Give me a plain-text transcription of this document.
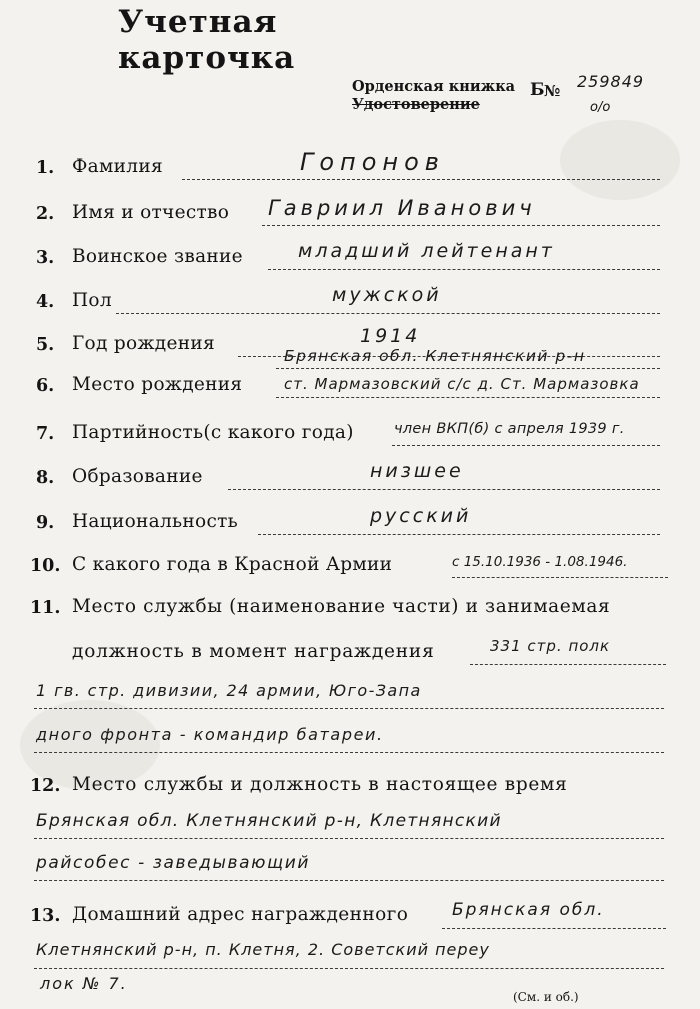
Учетная карточка
Орденская книжка
Удостоверение
Б № 259849
о/о
1. Фамилия	Гопонов
2. Имя и отчество Гавриил Иванович
3. Воинское звание	младший лейтенант
4. Пол	мужской
5. Год рождения	1914
6. Место рождения
Брянская обл. Клетнянский р-н
ст. Мармазовский с/с д. Ст. Мармазовка
7. Партийность(с какого года)	член ВКП(б) с апреля 1939 г.
8. Образование	низшее
9. Национальность	русский
10. С какого года в Красной Армии	с 15.10.1936 - 1.08.1946.
11. Место службы (наименование части) и занимаемая
должность в момент награждения	331 стр. полк
1 гв. стр. дивизии, 24 армии, Юго-Запа
дного фронта - командир батареи.
12. Место службы и должность в настоящее время
Брянская обл. Клетнянский р-н, Клетнянский
райсобес - заведывающий
13. Домашний адрес награжденного	Брянская обл.
Клетнянский р-н, п. Клетня, 2. Советский переу
лок № 7.
(См. и об.)
